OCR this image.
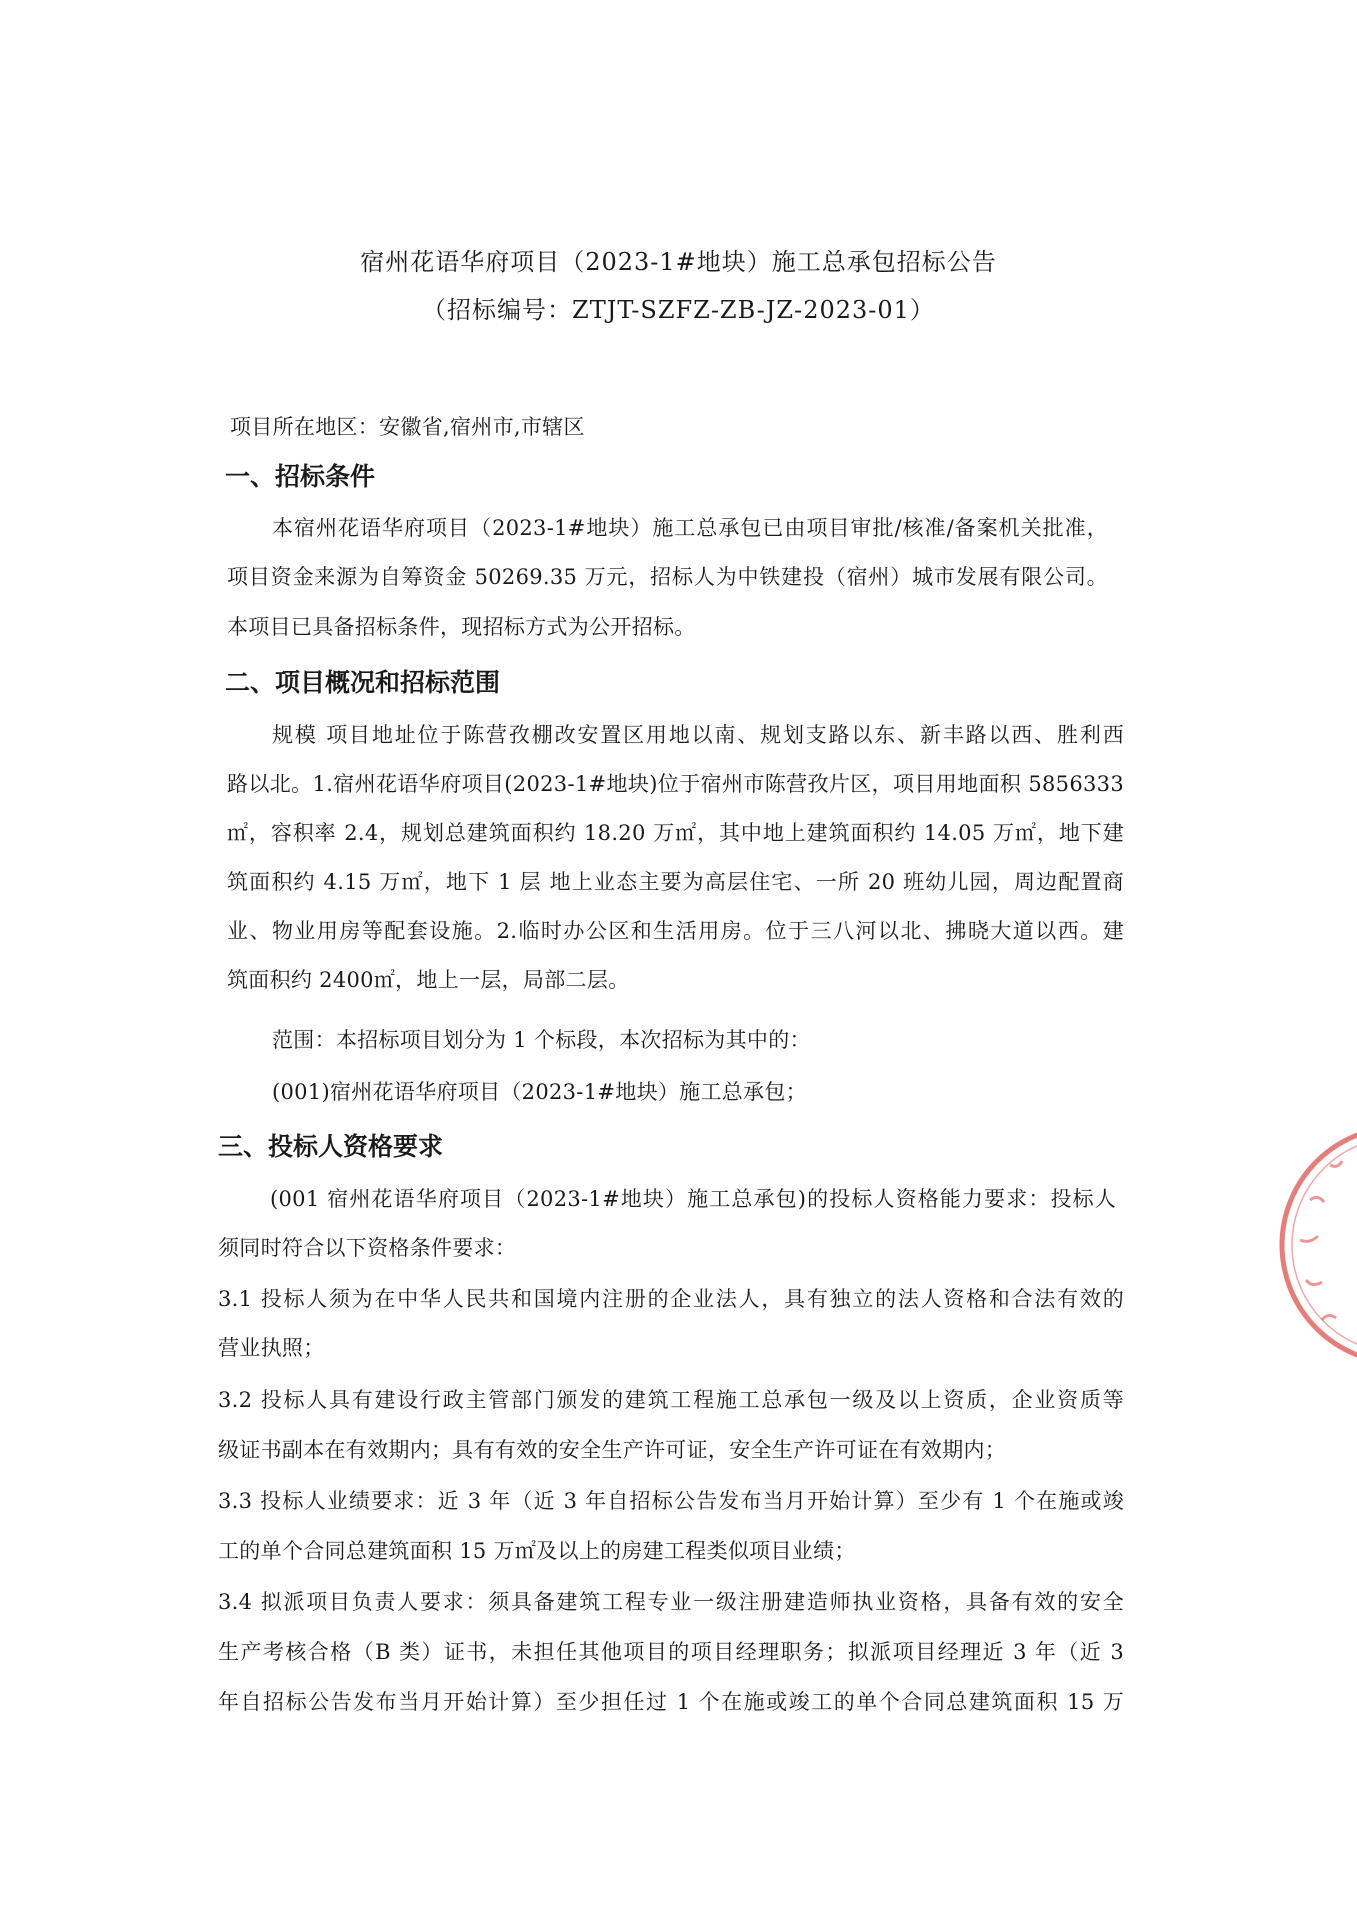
宿州花语华府项目（2023-1#地块）施工总承包招标公告
（招标编号：ZTJT-SZFZ-ZB-JZ-2023-01）
项目所在地区：安徽省,宿州市,市辖区
一、招标条件
本宿州花语华府项目（2023-1#地块）施工总承包已由项目审批/核准/备案机关批准，
项目资金来源为自筹资金 50269.35 万元，招标人为中铁建投（宿州）城市发展有限公司。
本项目已具备招标条件，现招标方式为公开招标。
二、项目概况和招标范围
规模 项目地址位于陈营孜棚改安置区用地以南、规划支路以东、新丰路以西、胜利西
路以北。1.宿州花语华府项目(2023-1#地块)位于宿州市陈营孜片区，项目用地面积 5856333
㎡，容积率 2.4，规划总建筑面积约 18.20 万㎡，其中地上建筑面积约 14.05 万㎡，地下建
筑面积约 4.15 万㎡，地下 1 层 地上业态主要为高层住宅、一所 20 班幼儿园，周边配置商
业、物业用房等配套设施。2.临时办公区和生活用房。位于三八河以北、拂晓大道以西。建
筑面积约 2400㎡，地上一层，局部二层。
范围：本招标项目划分为 1 个标段，本次招标为其中的：
(001)宿州花语华府项目（2023-1#地块）施工总承包；
三、投标人资格要求
(001 宿州花语华府项目（2023-1#地块）施工总承包)的投标人资格能力要求：投标人
须同时符合以下资格条件要求：
3.1 投标人须为在中华人民共和国境内注册的企业法人，具有独立的法人资格和合法有效的
营业执照；
3.2 投标人具有建设行政主管部门颁发的建筑工程施工总承包一级及以上资质，企业资质等
级证书副本在有效期内；具有有效的安全生产许可证，安全生产许可证在有效期内；
3.3 投标人业绩要求：近 3 年（近 3 年自招标公告发布当月开始计算）至少有 1 个在施或竣
工的单个合同总建筑面积 15 万㎡及以上的房建工程类似项目业绩；
3.4 拟派项目负责人要求：须具备建筑工程专业一级注册建造师执业资格，具备有效的安全
生产考核合格（B 类）证书，未担任其他项目的项目经理职务；拟派项目经理近 3 年（近 3
年自招标公告发布当月开始计算）至少担任过 1 个在施或竣工的单个合同总建筑面积 15 万
